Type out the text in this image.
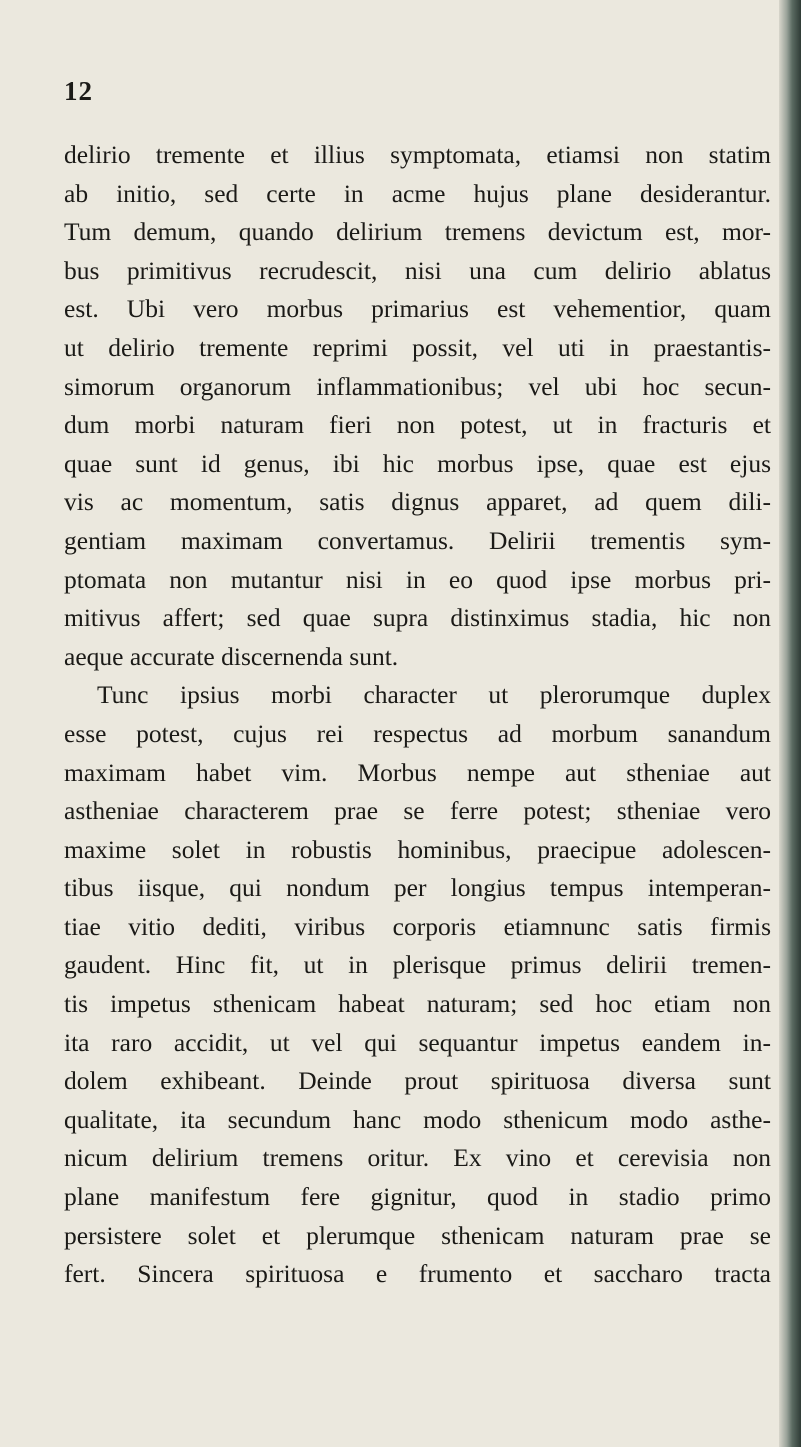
12
delirio tremente et illius symptomata, etiamsi non statim
ab initio, sed certe in acme hujus plane desiderantur.
Tum demum, quando delirium tremens devictum est, mor-
bus primitivus recrudescit, nisi una cum delirio ablatus
est. Ubi vero morbus primarius est vehementior, quam
ut delirio tremente reprimi possit, vel uti in praestantis-
simorum organorum inflammationibus; vel ubi hoc secun-
dum morbi naturam fieri non potest, ut in fracturis et
quae sunt id genus, ibi hic morbus ipse, quae est ejus
vis ac momentum, satis dignus apparet, ad quem dili-
gentiam maximam convertamus. Delirii trementis sym-
ptomata non mutantur nisi in eo quod ipse morbus pri-
mitivus affert; sed quae supra distinximus stadia, hic non
aeque accurate discernenda sunt.
Tunc ipsius morbi character ut plerorumque duplex
esse potest, cujus rei respectus ad morbum sanandum
maximam habet vim. Morbus nempe aut stheniae aut
astheniae characterem prae se ferre potest; stheniae vero
maxime solet in robustis hominibus, praecipue adolescen-
tibus iisque, qui nondum per longius tempus intemperan-
tiae vitio dediti, viribus corporis etiamnunc satis firmis
gaudent. Hinc fit, ut in plerisque primus delirii tremen-
tis impetus sthenicam habeat naturam; sed hoc etiam non
ita raro accidit, ut vel qui sequantur impetus eandem in-
dolem exhibeant. Deinde prout spirituosa diversa sunt
qualitate, ita secundum hanc modo sthenicum modo asthe-
nicum delirium tremens oritur. Ex vino et cerevisia non
plane manifestum fere gignitur, quod in stadio primo
persistere solet et plerumque sthenicam naturam prae se
fert. Sincera spirituosa e frumento et saccharo tracta
